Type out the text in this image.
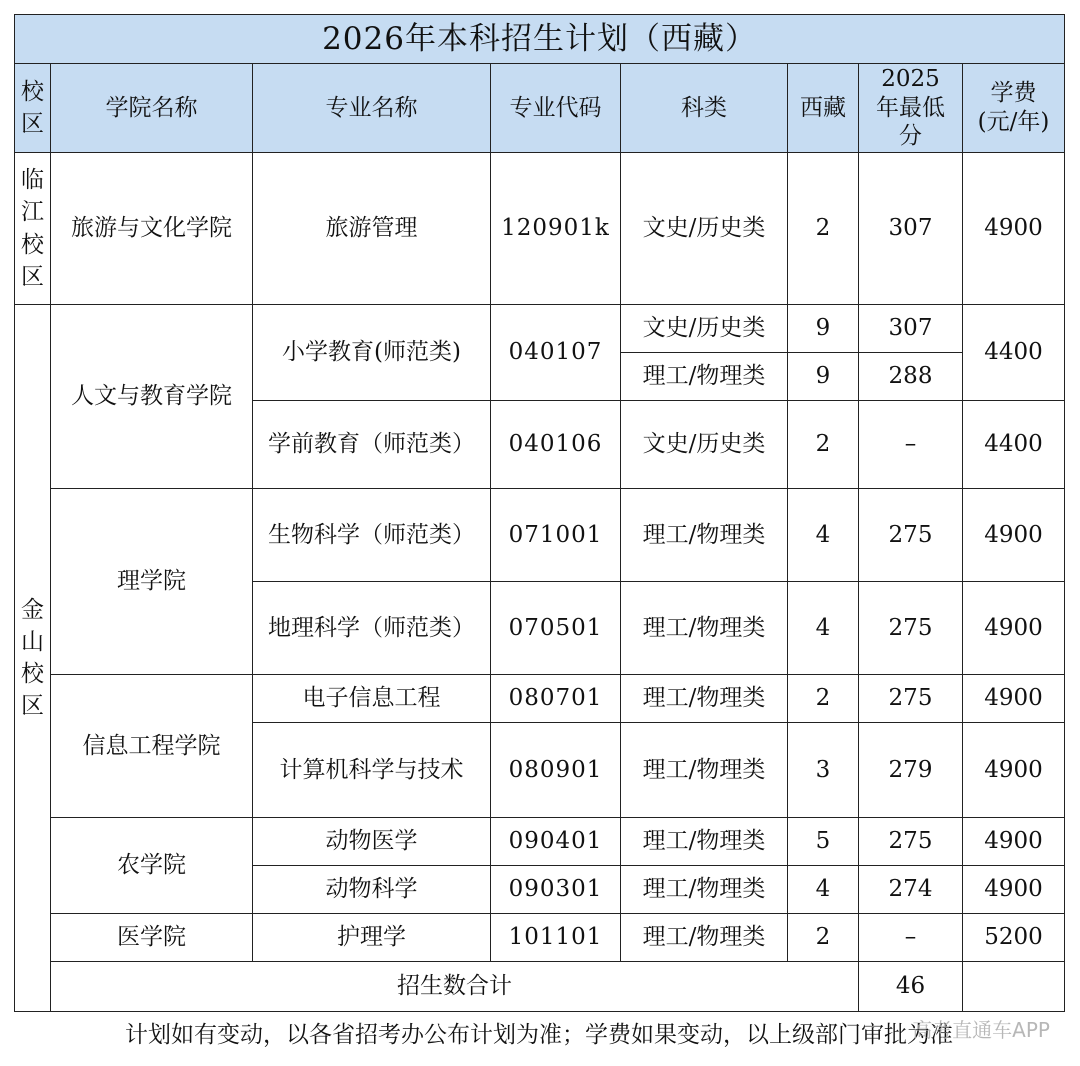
2026年本科招生计划（西藏）								
校区	学院名称	专业名称	专业代码	科类	西藏	2025年最低分	学费(元/年)	
临江校区	旅游与文化学院	旅游管理	120901k	文史/历史类	2	307	4900	
金山校区	人文与教育学院	小学教育(师范类)	040107	文史/历史类	9	307	4400	
				理工/物理类	9	288		
		学前教育（师范类）	040106	文史/历史类	2	–	4400	
	理学院	生物科学（师范类）	071001	理工/物理类	4	275	4900	
		地理科学（师范类）	070501	理工/物理类	4	275	4900	
	信息工程学院	电子信息工程	080701	理工/物理类	2	275	4900	
		计算机科学与技术	080901	理工/物理类	3	279	4900	
	农学院	动物医学	090401	理工/物理类	5	275	4900	
		动物科学	090301	理工/物理类	4	274	4900	
	医学院	护理学	101101	理工/物理类	2	–	5200	
	招生数合计					46		
计划如有变动，以各省招考办公布计划为准；学费如果变动，以上级部门审批为准
高考直通车APP
